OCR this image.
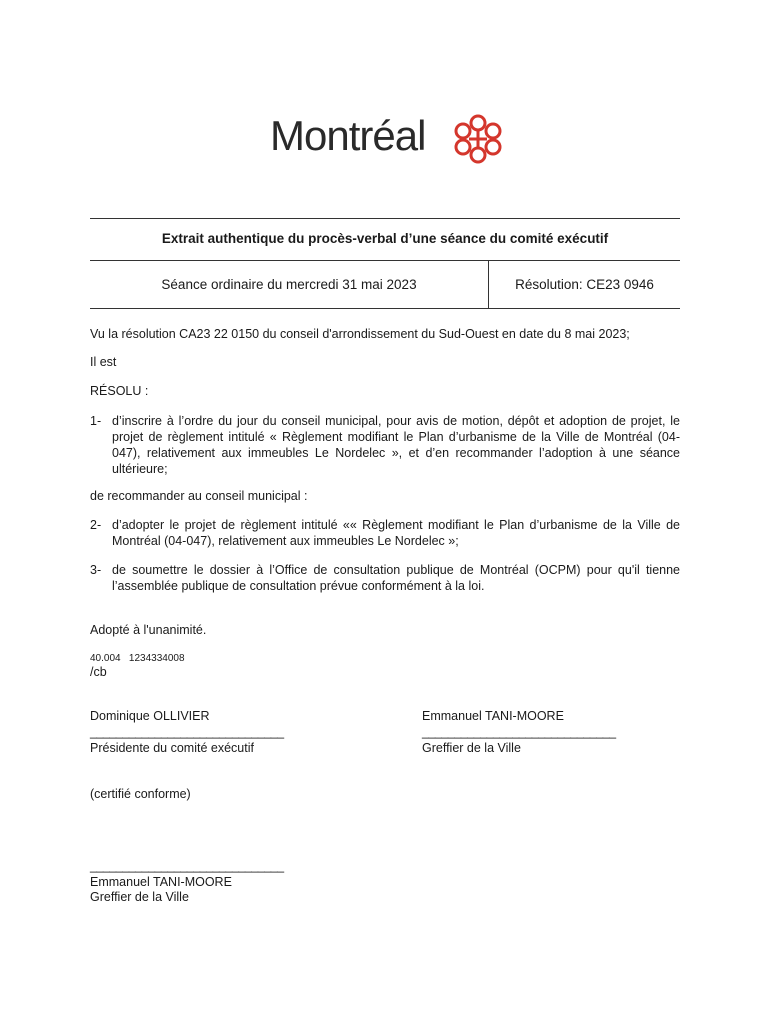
Montréal
Extrait authentique du procès-verbal d’une séance du comité exécutif
Séance ordinaire du mercredi 31 mai 2023	Résolution: CE23 0946
Vu la résolution CA23 22 0150 du conseil d'arrondissement du Sud-Ouest en date du 8 mai 2023;
Il est
RÉSOLU :
1- d’inscrire à l’ordre du jour du conseil municipal, pour avis de motion, dépôt et adoption de projet, le projet de règlement intitulé « Règlement modifiant le Plan d’urbanisme de la Ville de Montréal (04-047), relativement aux immeubles Le Nordelec », et d’en recommander l’adoption à une séance ultérieure;
de recommander au conseil municipal :
2- d’adopter le projet de règlement intitulé «« Règlement modifiant le Plan d’urbanisme de la Ville de Montréal (04-047), relativement aux immeubles Le Nordelec »;
3- de soumettre le dossier à l’Office de consultation publique de Montréal (OCPM) pour qu'il tienne l’assemblée publique de consultation prévue conformément à la loi.
Adopté à l'unanimité.
40.004   1234334008
/cb
Dominique OLLIVIER
______________________________
Présidente du comité exécutif
Emmanuel TANI-MOORE
______________________________
Greffier de la Ville
(certifié conforme)
______________________________
Emmanuel TANI-MOORE
Greffier de la Ville
